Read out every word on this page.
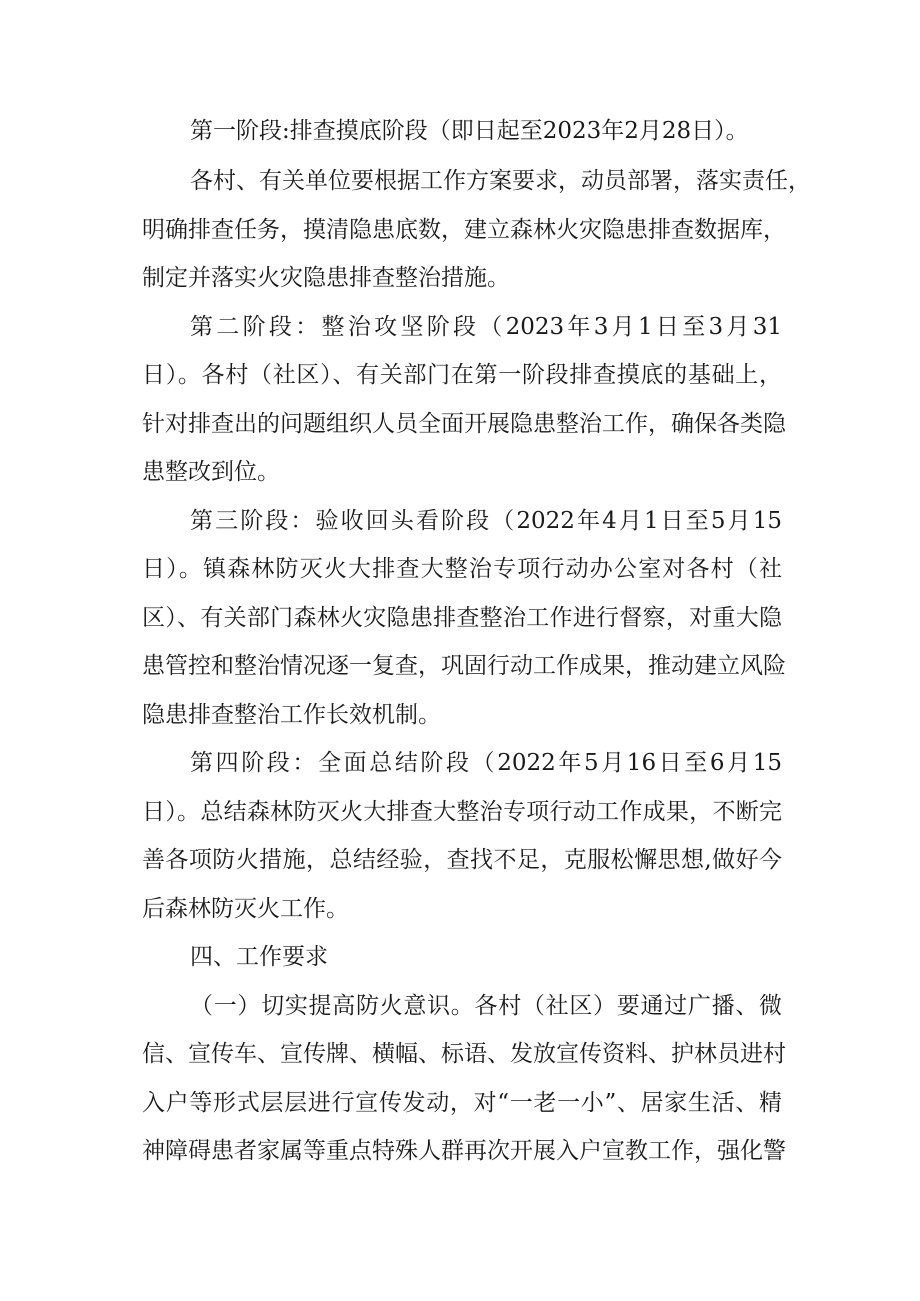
第一阶段:排查摸底阶段（即日起至2023年2月28日）。
各村、有关单位要根据工作方案要求，动员部署，落实责任，
明确排查任务，摸清隐患底数，建立森林火灾隐患排查数据库，
制定并落实火灾隐患排查整治措施。
第二阶段：整治攻坚阶段（2023年3月1日至3月31
日）。各村（社区）、有关部门在第一阶段排查摸底的基础上，
针对排查出的问题组织人员全面开展隐患整治工作，确保各类隐
患整改到位。
第三阶段：验收回头看阶段（2022年4月1日至5月15
日）。镇森林防灭火大排查大整治专项行动办公室对各村（社
区）、有关部门森林火灾隐患排查整治工作进行督察，对重大隐
患管控和整治情况逐一复查，巩固行动工作成果，推动建立风险
隐患排查整治工作长效机制。
第四阶段：全面总结阶段（2022年5月16日至6月15
日）。总结森林防灭火大排查大整治专项行动工作成果，不断完
善各项防火措施，总结经验，查找不足，克服松懈思想,做好今
后森林防灭火工作。
四、工作要求
（一）切实提高防火意识。各村（社区）要通过广播、微
信、宣传车、宣传牌、横幅、标语、发放宣传资料、护林员进村
入户等形式层层进行宣传发动，对“一老一小”、居家生活、精
神障碍患者家属等重点特殊人群再次开展入户宣教工作，强化警
